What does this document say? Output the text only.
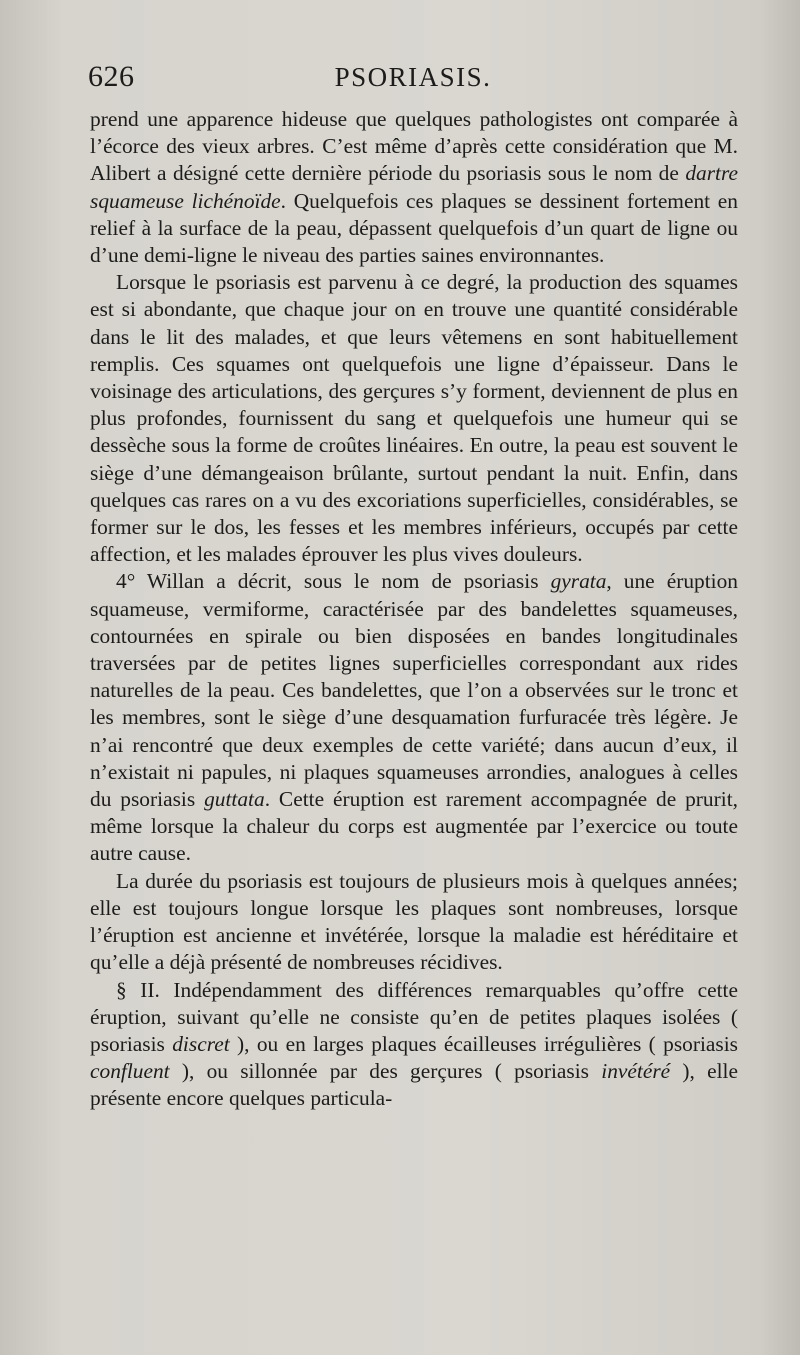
626	PSORIASIS.

prend une apparence hideuse que quelques pathologistes ont comparée à l’écorce des vieux arbres. C’est même d’après cette considération que M. Alibert a désigné cette dernière période du psoriasis sous le nom de dartre squameuse lichénoïde. Quelquefois ces plaques se dessinent fortement en relief à la surface de la peau, dépassent quelquefois d’un quart de ligne ou d’une demi-ligne le niveau des parties saines environnantes.

Lorsque le psoriasis est parvenu à ce degré, la production des squames est si abondante, que chaque jour on en trouve une quantité considérable dans le lit des malades, et que leurs vêtemens en sont habituellement remplis. Ces squames ont quelquefois une ligne d’épaisseur. Dans le voisinage des articulations, des gerçures s’y forment, deviennent de plus en plus profondes, fournissent du sang et quelquefois une humeur qui se dessèche sous la forme de croûtes linéaires. En outre, la peau est souvent le siège d’une démangeaison brûlante, surtout pendant la nuit. Enfin, dans quelques cas rares on a vu des excoriations superficielles, considérables, se former sur le dos, les fesses et les membres inférieurs, occupés par cette affection, et les malades éprouver les plus vives douleurs.

4° Willan a décrit, sous le nom de psoriasis gyrata, une éruption squameuse, vermiforme, caractérisée par des bandelettes squameuses, contournées en spirale ou bien disposées en bandes longitudinales traversées par de petites lignes superficielles correspondant aux rides naturelles de la peau. Ces bandelettes, que l’on a observées sur le tronc et les membres, sont le siège d’une desquamation furfuracée très légère. Je n’ai rencontré que deux exemples de cette variété; dans aucun d’eux, il n’existait ni papules, ni plaques squameuses arrondies, analogues à celles du psoriasis guttata. Cette éruption est rarement accompagnée de prurit, même lorsque la chaleur du corps est augmentée par l’exercice ou toute autre cause.

La durée du psoriasis est toujours de plusieurs mois à quelques années; elle est toujours longue lorsque les plaques sont nombreuses, lorsque l’éruption est ancienne et invétérée, lorsque la maladie est héréditaire et qu’elle a déjà présenté de nombreuses récidives.

§ II. Indépendamment des différences remarquables qu’offre cette éruption, suivant qu’elle ne consiste qu’en de petites plaques isolées ( psoriasis discret ), ou en larges plaques écailleuses irrégulières ( psoriasis confluent ), ou sillonnée par des gerçures ( psoriasis invétéré ), elle présente encore quelques particula-
